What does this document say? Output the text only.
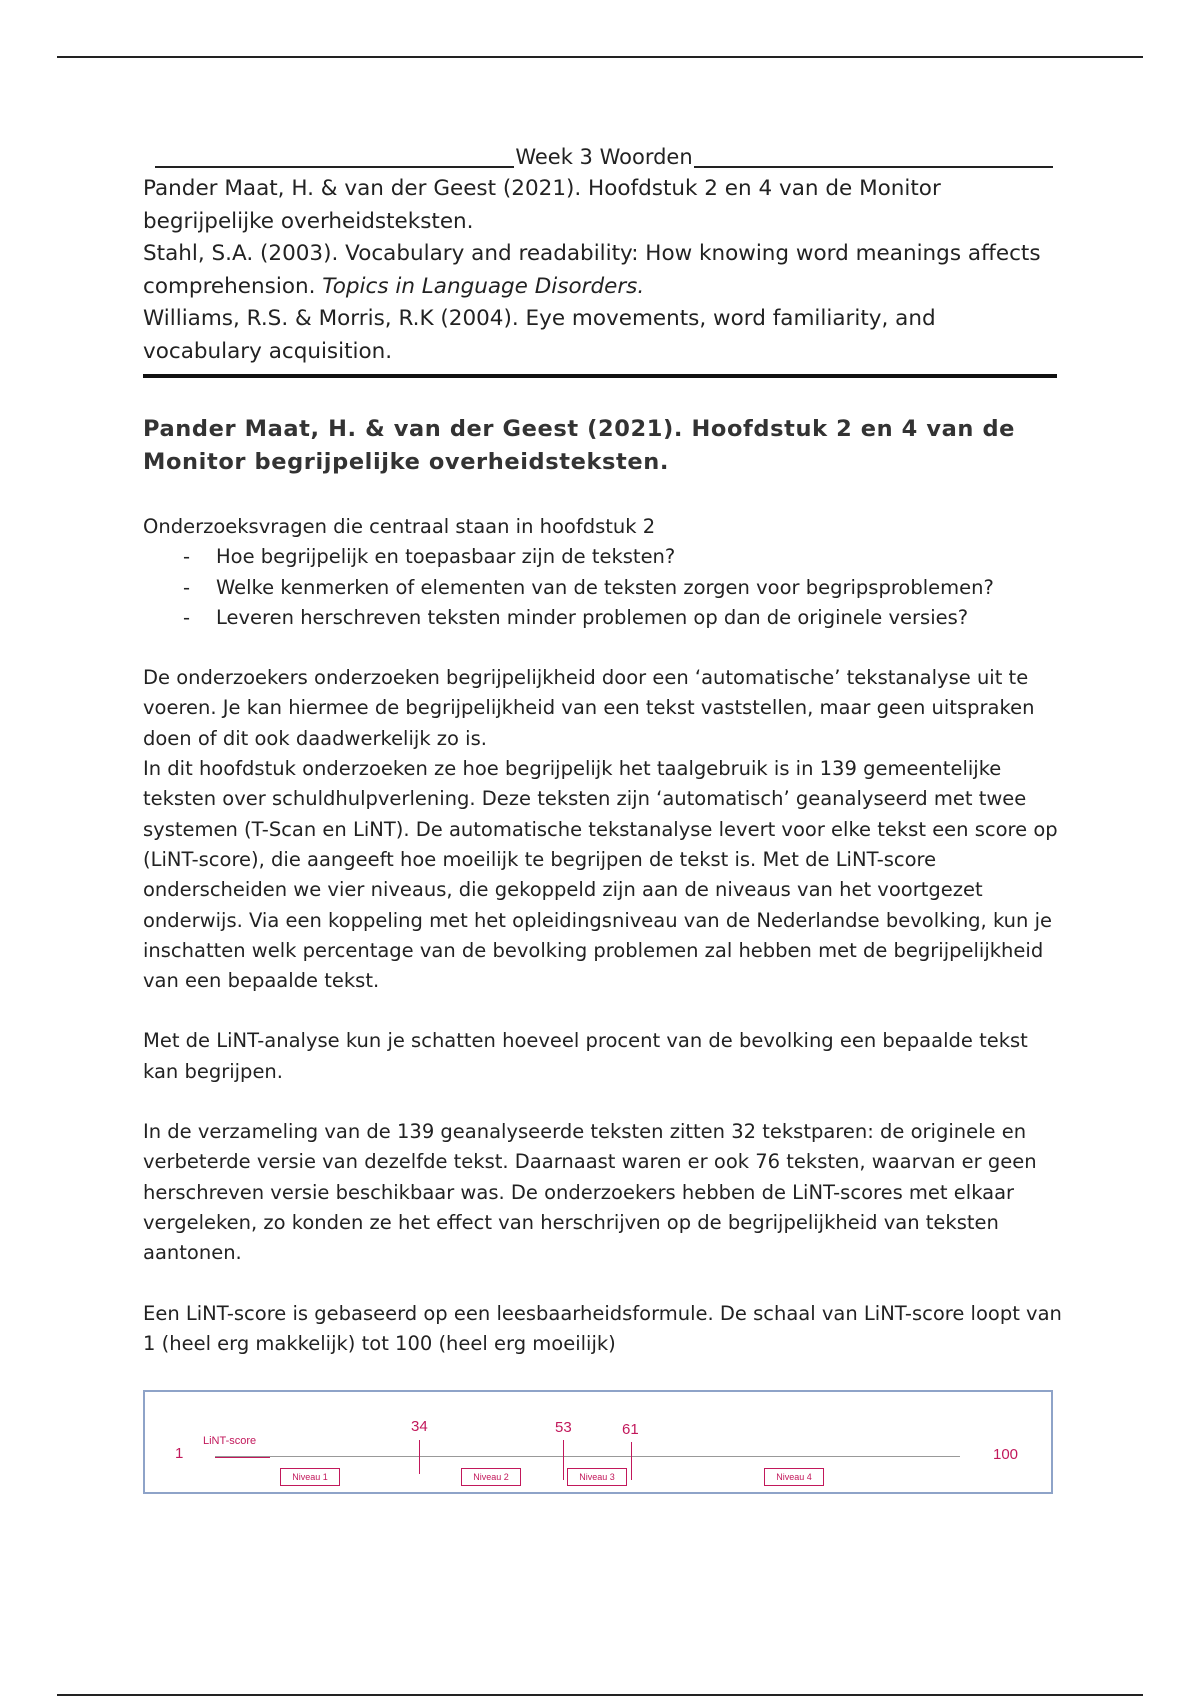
Week 3 Woorden

Pander Maat, H. & van der Geest (2021). Hoofdstuk 2 en 4 van de Monitor begrijpelijke overheidsteksten.

Stahl, S.A. (2003). Vocabulary and readability: How knowing word meanings affects comprehension. Topics in Language Disorders.

Williams, R.S. & Morris, R.K (2004). Eye movements, word familiarity, and vocabulary acquisition.

Pander Maat, H. & van der Geest (2021). Hoofdstuk 2 en 4 van de Monitor begrijpelijke overheidsteksten.

Onderzoeksvragen die centraal staan in hoofdstuk 2

- Hoe begrijpelijk en toepasbaar zijn de teksten?
- Welke kenmerken of elementen van de teksten zorgen voor begripsproblemen?
- Leveren herschreven teksten minder problemen op dan de originele versies?

De onderzoekers onderzoeken begrijpelijkheid door een ‘automatische’ tekstanalyse uit te voeren. Je kan hiermee de begrijpelijkheid van een tekst vaststellen, maar geen uitspraken doen of dit ook daadwerkelijk zo is.

In dit hoofdstuk onderzoeken ze hoe begrijpelijk het taalgebruik is in 139 gemeentelijke teksten over schuldhulpverlening. Deze teksten zijn ‘automatisch’ geanalyseerd met twee systemen (T-Scan en LiNT). De automatische tekstanalyse levert voor elke tekst een score op (LiNT-score), die aangeeft hoe moeilijk te begrijpen de tekst is. Met de LiNT-score onderscheiden we vier niveaus, die gekoppeld zijn aan de niveaus van het voortgezet onderwijs. Via een koppeling met het opleidingsniveau van de Nederlandse bevolking, kun je inschatten welk percentage van de bevolking problemen zal hebben met de begrijpelijkheid van een bepaalde tekst.

Met de LiNT-analyse kun je schatten hoeveel procent van de bevolking een bepaalde tekst kan begrijpen.

In de verzameling van de 139 geanalyseerde teksten zitten 32 tekstparen: de originele en verbeterde versie van dezelfde tekst. Daarnaast waren er ook 76 teksten, waarvan er geen herschreven versie beschikbaar was. De onderzoekers hebben de LiNT-scores met elkaar vergeleken, zo konden ze het effect van herschrijven op de begrijpelijkheid van teksten aantonen.

Een LiNT-score is gebaseerd op een leesbaarheidsformule. De schaal van LiNT-score loopt van 1 (heel erg makkelijk) tot 100 (heel erg moeilijk)

1
LiNT-score
34	53	61
100
Niveau 1	Niveau 2	Niveau 3	Niveau 4
